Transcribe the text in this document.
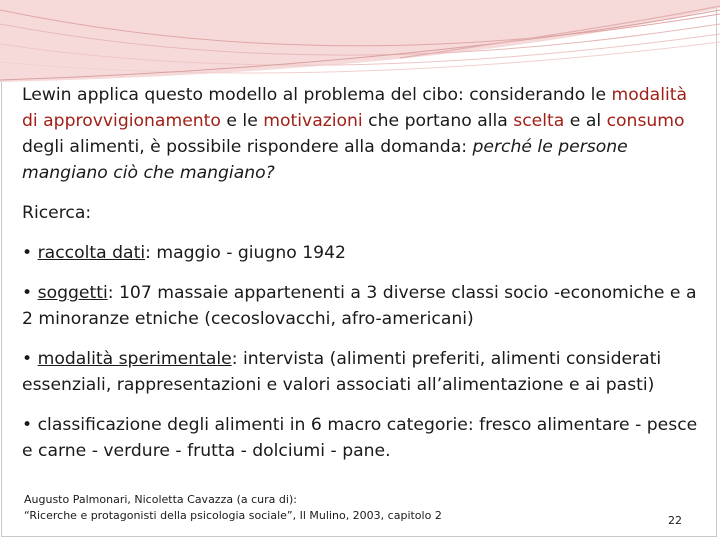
Lewin applica questo modello al problema del cibo: considerando le modalità di approvvigionamento e le motivazioni che portano alla scelta e al consumo degli alimenti, è possibile rispondere alla domanda: perché le persone mangiano ciò che mangiano?

Ricerca:

• raccolta dati: maggio - giugno 1942

• soggetti: 107 massaie appartenenti a 3 diverse classi socio -economiche e a 2 minoranze etniche (cecoslovacchi, afro-americani)

• modalità sperimentale: intervista (alimenti preferiti, alimenti considerati essenziali, rappresentazioni e valori associati all’alimentazione e ai pasti)

• classificazione degli alimenti in 6 macro categorie: fresco alimentare - pesce e carne - verdure - frutta - dolciumi - pane.

Augusto Palmonari, Nicoletta Cavazza (a cura di):
“Ricerche e protagonisti della psicologia sociale”, Il Mulino, 2003, capitolo 2	22
